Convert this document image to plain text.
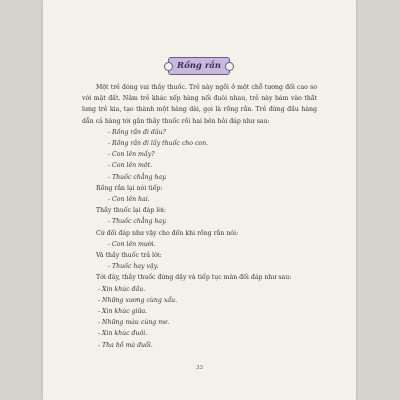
Rồng rắn

Một trẻ đóng vai thầy thuốc. Trẻ này ngồi ở một chỗ tương đối cao so với mặt đất. Năm trẻ khác xếp hàng nối đuôi nhau, trẻ này bám vào thắt lưng trẻ kia, tạo thành một hàng dài, gọi là rồng rắn. Trẻ đứng đầu hàng dẫn cả hàng tới gần thầy thuốc rồi hai bên hỏi đáp như sau:

- Rồng rắn đi đâu?

- Rồng rắn đi lấy thuốc cho con.

- Con lên mấy?

- Con lên một.

- Thuốc chẳng hay.

Rồng rắn lại nói tiếp:

- Con lên hai.

Thầy thuốc lại đáp lời:

- Thuốc chẳng hay.

Cứ đối đáp như vậy cho đến khi rồng rắn nói:

- Con lên mười.

Và thầy thuốc trả lời:

- Thuốc hay vậy.

Tới đây, thầy thuốc đứng dậy và tiếp tục màn đối đáp như sau:

- Xin khúc đầu.

- Những xương cùng xẩu.

- Xin khúc giữa.

- Những màu cùng me.

- Xin khúc đuôi.

- Tha hồ mà đuổi.

33
